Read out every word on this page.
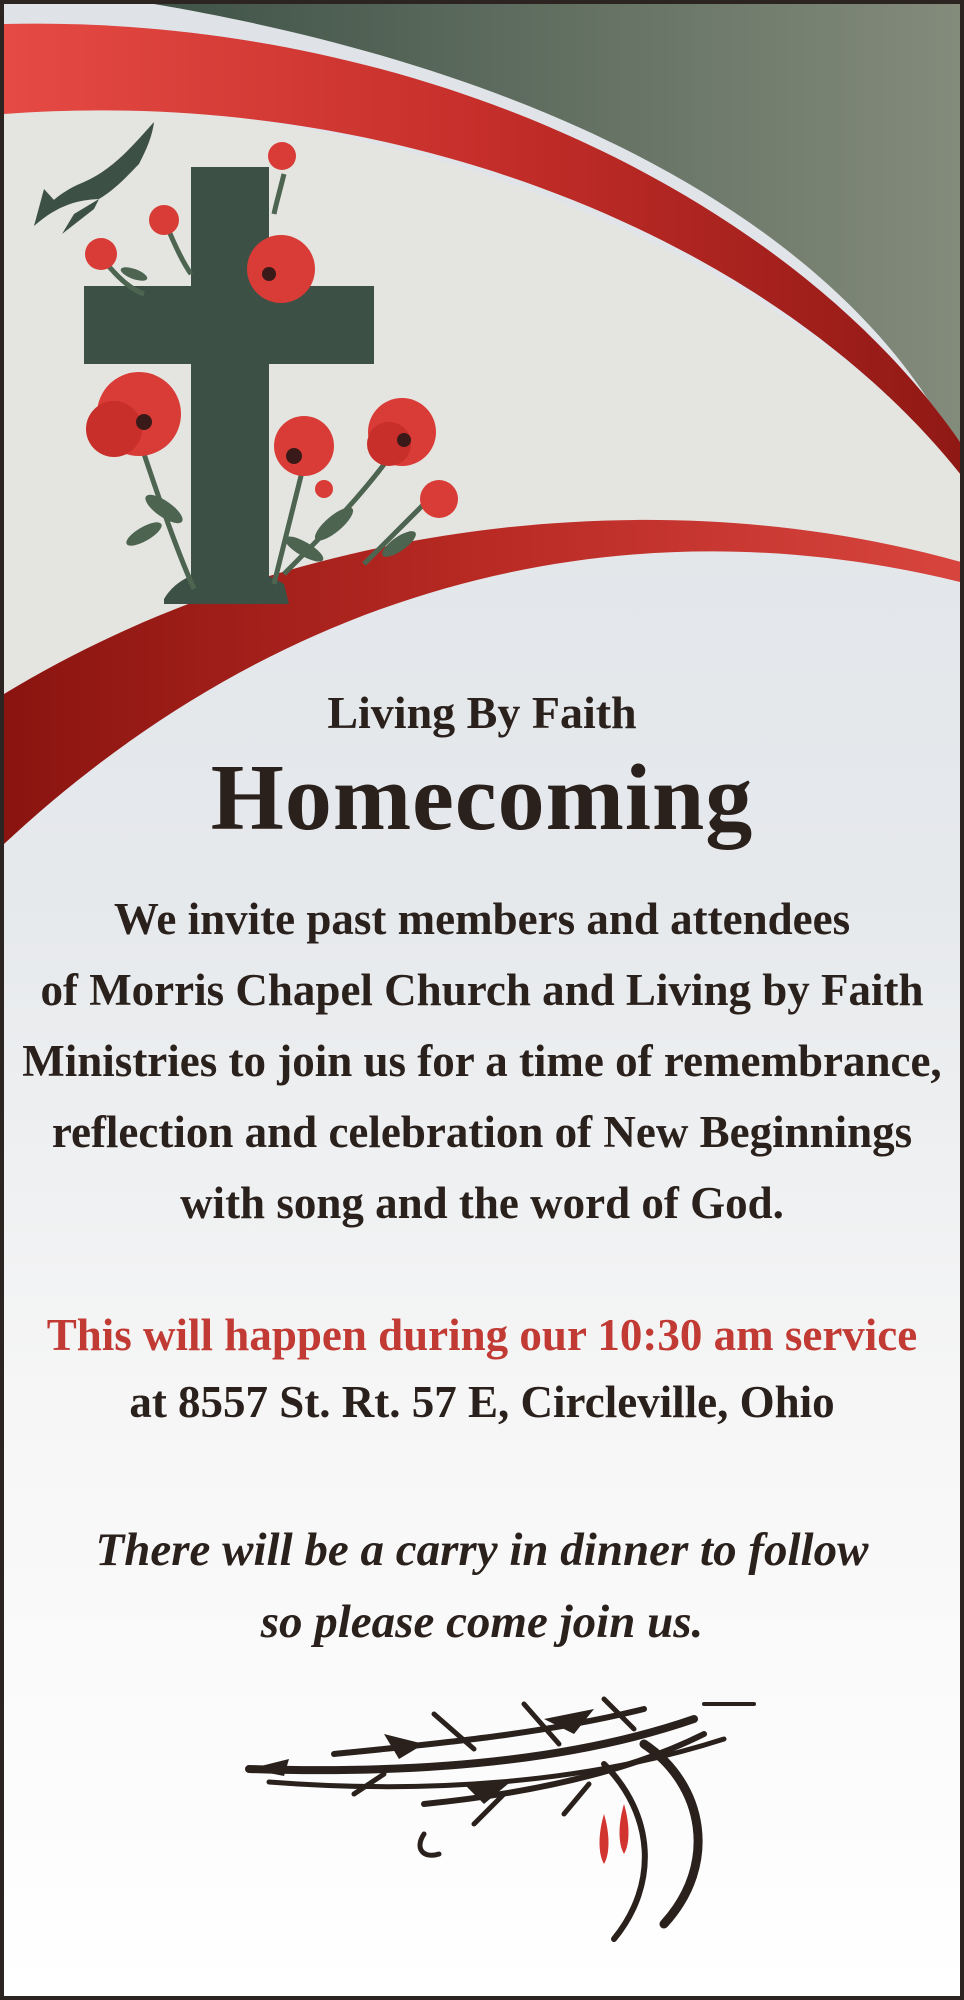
Living By Faith
Homecoming
We invite past members and attendees
of Morris Chapel Church and Living by Faith
Ministries to join us for a time of remembrance,
reflection and celebration of New Beginnings
with song and the word of God.
This will happen during our 10:30 am service
at 8557 St. Rt. 57 E, Circleville, Ohio
There will be a carry in dinner to follow
so please come join us.
